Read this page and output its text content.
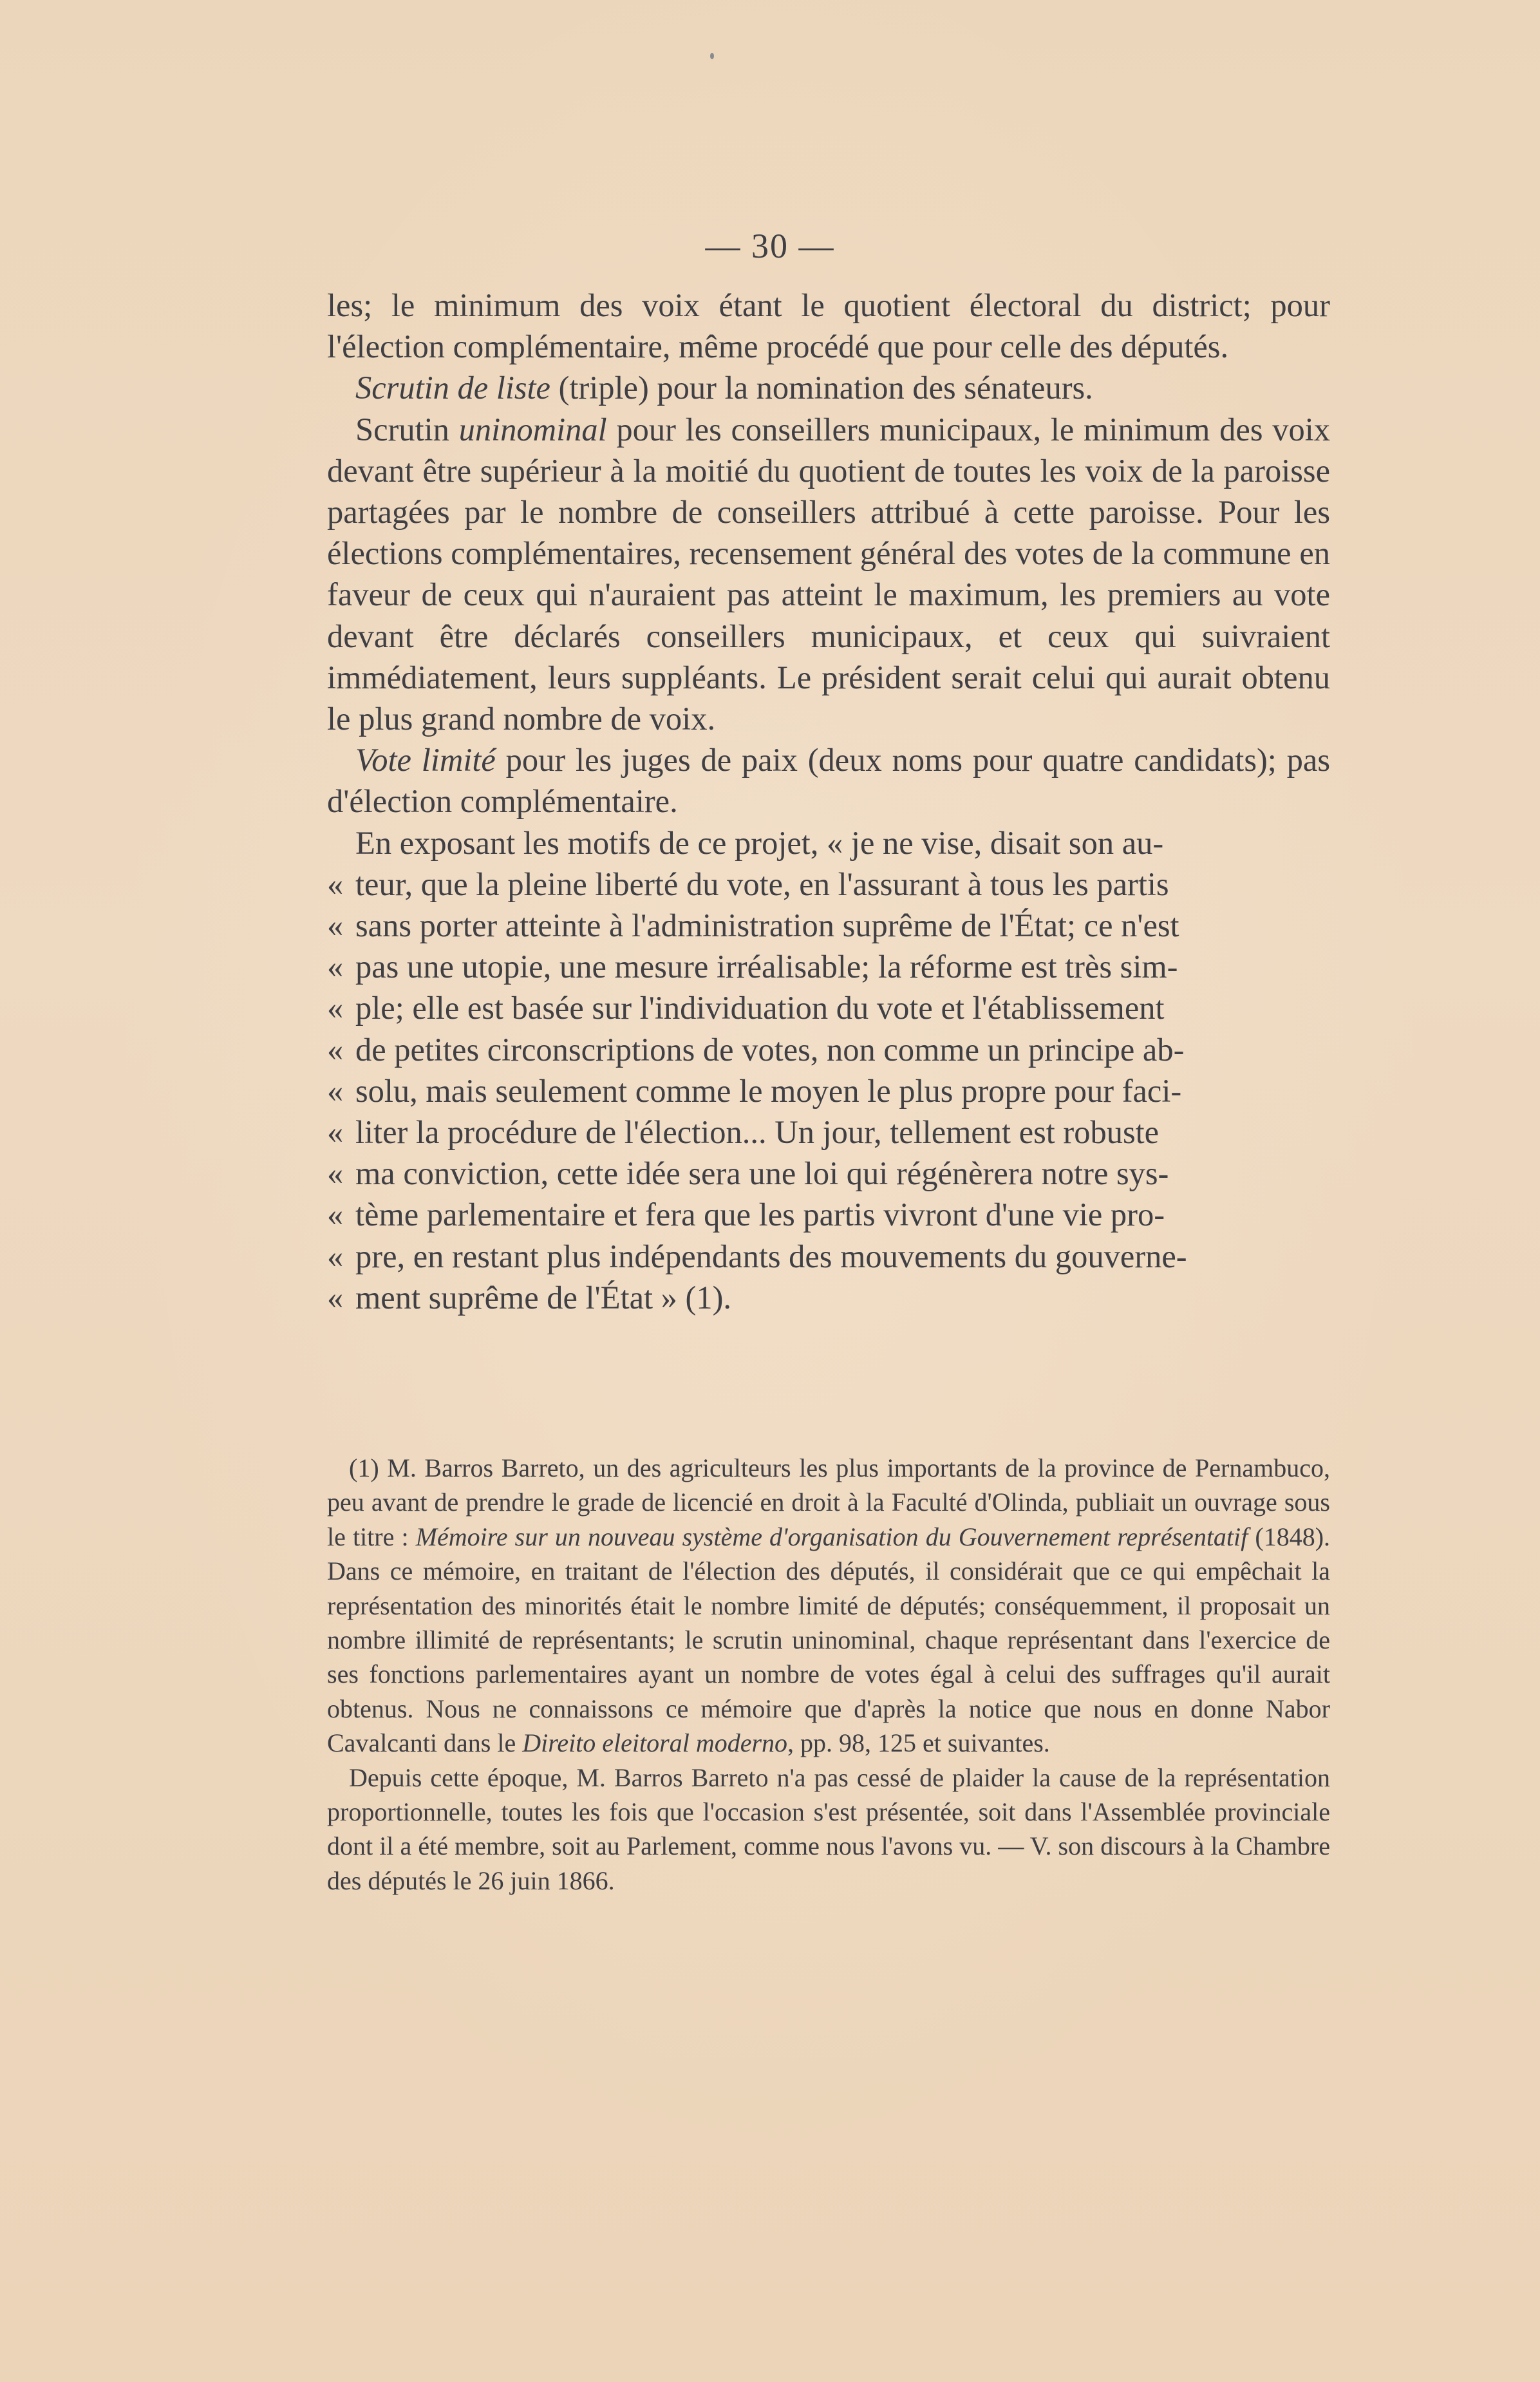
— 30 —

les; le minimum des voix étant le quotient électoral du district; pour l'élection complémentaire, même procédé que pour celle des députés.

Scrutin de liste (triple) pour la nomination des sénateurs.

Scrutin uninominal pour les conseillers municipaux, le minimum des voix devant être supérieur à la moitié du quotient de toutes les voix de la paroisse partagées par le nombre de conseillers attribué à cette paroisse. Pour les élections complémentaires, recensement général des votes de la commune en faveur de ceux qui n'auraient pas atteint le maximum, les premiers au vote devant être déclarés conseillers municipaux, et ceux qui suivraient immédiatement, leurs suppléants. Le président serait celui qui aurait obtenu le plus grand nombre de voix.

Vote limité pour les juges de paix (deux noms pour quatre candidats); pas d'élection complémentaire.

En exposant les motifs de ce projet, « je ne vise, disait son au-

« teur, que la pleine liberté du vote, en l'assurant à tous les partis
« sans porter atteinte à l'administration suprême de l'État; ce n'est
« pas une utopie, une mesure irréalisable; la réforme est très sim-
« ple; elle est basée sur l'individuation du vote et l'établissement
« de petites circonscriptions de votes, non comme un principe ab-
« solu, mais seulement comme le moyen le plus propre pour faci-
« liter la procédure de l'élection... Un jour, tellement est robuste
« ma conviction, cette idée sera une loi qui régénèrera notre sys-
« tème parlementaire et fera que les partis vivront d'une vie pro-
« pre, en restant plus indépendants des mouvements du gouverne-
« ment suprême de l'État » (1).

(1) M. Barros Barreto, un des agriculteurs les plus importants de la province de Pernambuco, peu avant de prendre le grade de licencié en droit à la Faculté d'Olinda, publiait un ouvrage sous le titre : Mémoire sur un nouveau système d'organisation du Gouvernement représentatif (1848). Dans ce mémoire, en traitant de l'élection des députés, il considérait que ce qui empêchait la représentation des minorités était le nombre limité de députés; conséquemment, il proposait un nombre illimité de représentants; le scrutin uninominal, chaque représentant dans l'exercice de ses fonctions parlementaires ayant un nombre de votes égal à celui des suffrages qu'il aurait obtenus. Nous ne connaissons ce mémoire que d'après la notice que nous en donne Nabor Cavalcanti dans le Direito eleitoral moderno, pp. 98, 125 et suivantes.

Depuis cette époque, M. Barros Barreto n'a pas cessé de plaider la cause de la représentation proportionnelle, toutes les fois que l'occasion s'est présentée, soit dans l'Assemblée provinciale dont il a été membre, soit au Parlement, comme nous l'avons vu. — V. son discours à la Chambre des députés le 26 juin 1866.
